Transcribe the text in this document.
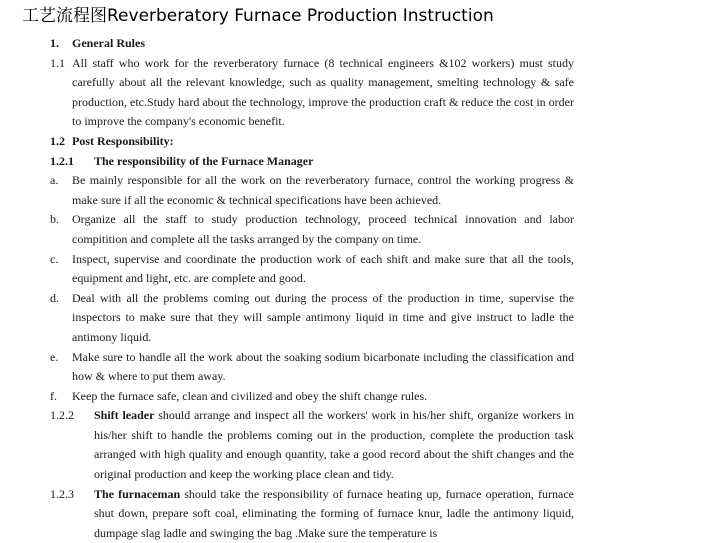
工艺流程图Reverberatory Furnace Production Instruction
1. General Rules
1.1 All staff who work for the reverberatory furnace (8 technical engineers &102 workers) must study carefully about all the relevant knowledge, such as quality management, smelting technology & safe production, etc.Study hard about the technology, improve the production craft & reduce the cost in order to improve the company's economic benefit.
1.2 Post Responsibility:
1.2.1 The responsibility of the Furnace Manager
a. Be mainly responsible for all the work on the reverberatory furnace, control the working progress & make sure if all the economic & technical specifications have been achieved.
b. Organize all the staff to study production technology, proceed technical innovation and labor compitition and complete all the tasks arranged by the company on time.
c. Inspect, supervise and coordinate the production work of each shift and make sure that all the tools, equipment and light, etc. are complete and good.
d. Deal with all the problems coming out during the process of the production in time, supervise the inspectors to make sure that they will sample antimony liquid in time and give instruct to ladle the antimony liquid.
e. Make sure to handle all the work about the soaking sodium bicarbonate including the classification and how & where to put them away.
f. Keep the furnace safe, clean and civilized and obey the shift change rules.
1.2.2 Shift leader should arrange and inspect all the workers' work in his/her shift, organize workers in his/her shift to handle the problems coming out in the production, complete the production task arranged with high quality and enough quantity, take a good record about the shift changes and the original production and keep the working place clean and tidy.
1.2.3 The furnaceman should take the responsibility of furnace heating up, furnace operation, furnace shut down, prepare soft coal, eliminating the forming of furnace knur, ladle the antimony liquid, dumpage slag ladle and swinging the bag .Make sure the temperature is
